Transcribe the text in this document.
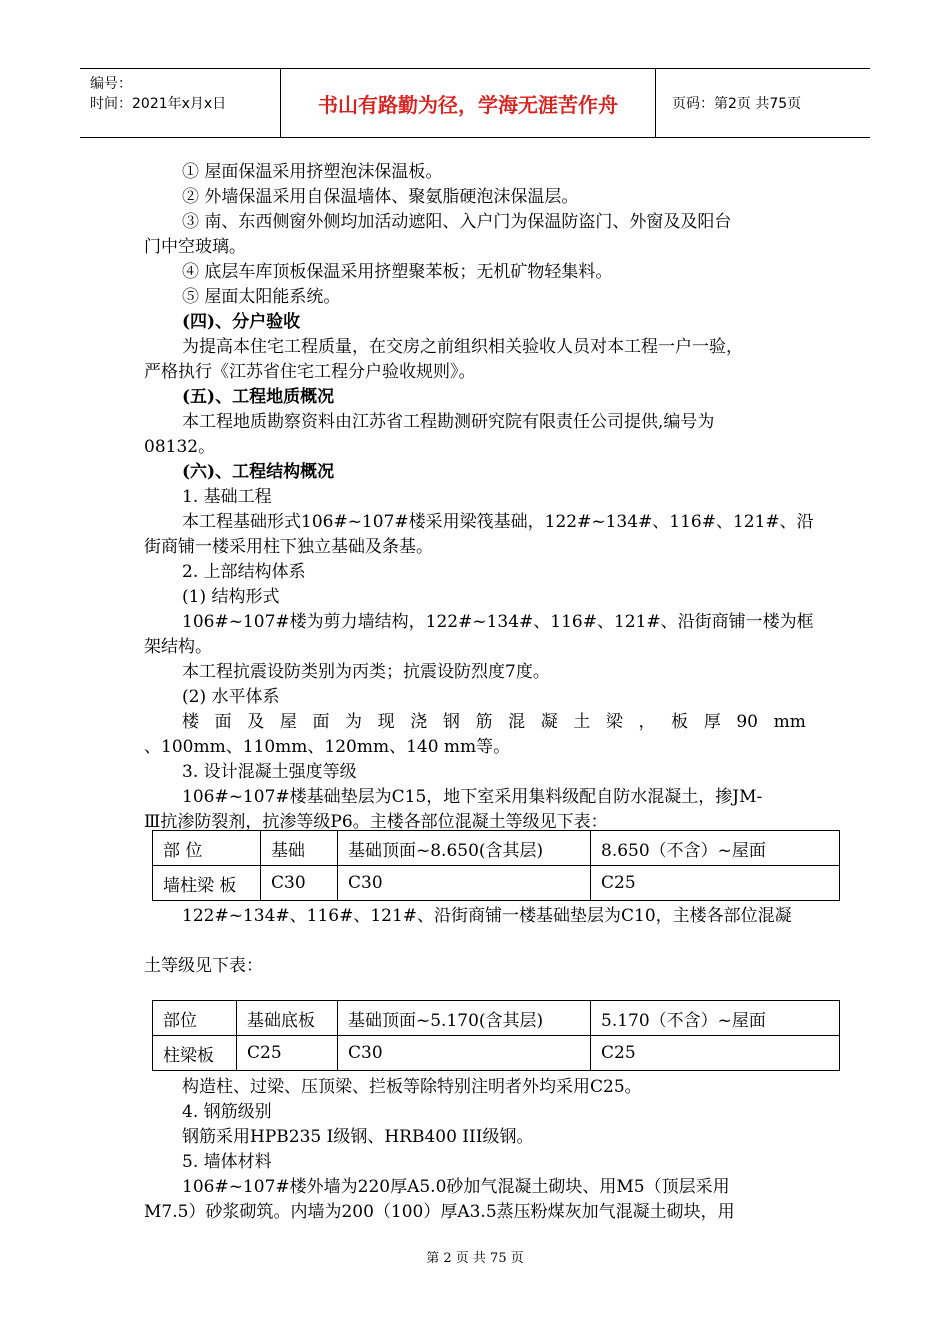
编号：
时间：2021年x月x日	书山有路勤为径，学海无涯苦作舟	页码：第2页 共75页
① 屋面保温采用挤塑泡沫保温板。
② 外墙保温采用自保温墙体、聚氨脂硬泡沫保温层。
③ 南、东西侧窗外侧均加活动遮阳、入户门为保温防盗门、外窗及及阳台
门中空玻璃。
④ 底层车库顶板保温采用挤塑聚苯板；无机矿物轻集料。
⑤ 屋面太阳能系统。
(四)、分户验收
为提高本住宅工程质量，在交房之前组织相关验收人员对本工程一户一验，
严格执行《江苏省住宅工程分户验收规则》。
(五)、工程地质概况
本工程地质勘察资料由江苏省工程勘测研究院有限责任公司提供,编号为
08132。
(六)、工程结构概况
1. 基础工程
本工程基础形式106#~107#楼采用梁筏基础，122#~134#、116#、121#、沿
街商铺一楼采用柱下独立基础及条基。
2. 上部结构体系
(1) 结构形式
106#~107#楼为剪力墙结构，122#~134#、116#、121#、沿街商铺一楼为框
架结构。
本工程抗震设防类别为丙类；抗震设防烈度7度。
(2) 水平体系
楼 面 及 屋 面 为 现 浇 钢 筋 混 凝 土 梁 ， 板 厚 90 mm
、100mm、110mm、120mm、140 mm等。
3. 设计混凝土强度等级
106#~107#楼基础垫层为C15，地下室采用集料级配自防水混凝土，掺JM-
Ⅲ抗渗防裂剂，抗渗等级P6。主楼各部位混凝土等级见下表：
部 位	基础	基础顶面~8.650(含其层)	8.650（不含）~屋面
墙柱梁 板	C30	C30	C25
122#~134#、116#、121#、沿街商铺一楼基础垫层为C10，主楼各部位混凝
土等级见下表：
部位	基础底板	基础顶面~5.170(含其层)	5.170（不含）~屋面
柱梁板	C25	C30	C25
构造柱、过梁、压顶梁、拦板等除特别注明者外均采用C25。
4. 钢筋级别
钢筋采用HPB235 I级钢、HRB400 III级钢。
5. 墙体材料
106#~107#楼外墙为220厚A5.0砂加气混凝土砌块、用M5（顶层采用
M7.5）砂浆砌筑。内墙为200（100）厚A3.5蒸压粉煤灰加气混凝土砌块，用
第 2 页 共 75 页
